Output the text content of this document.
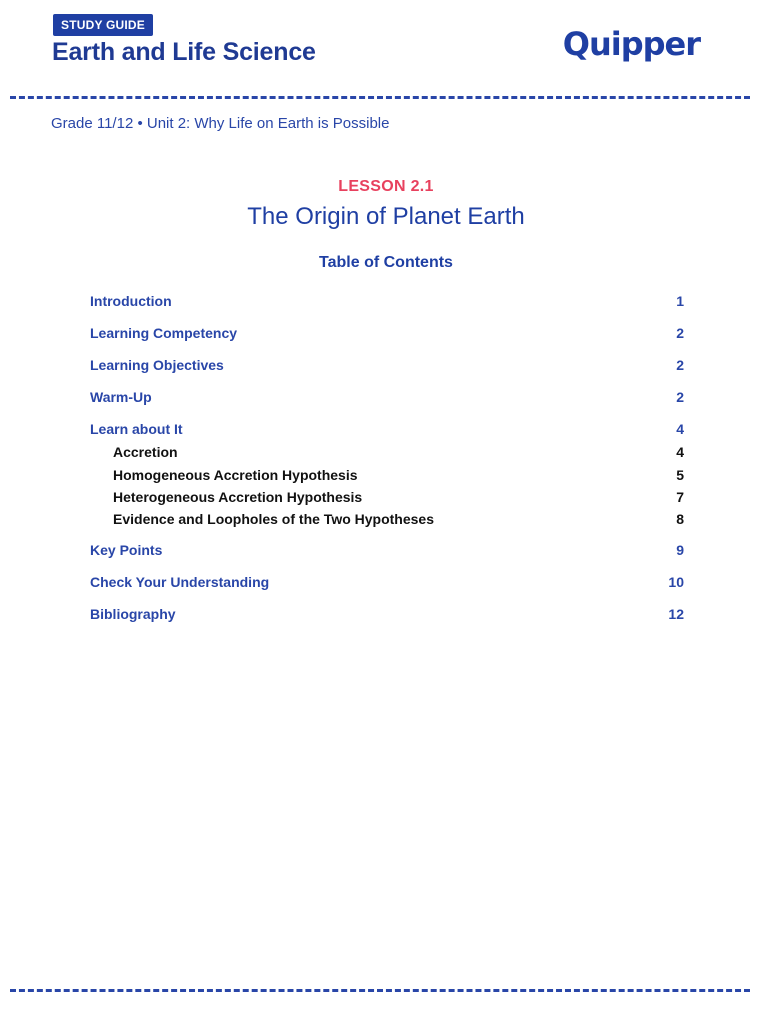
STUDY GUIDE
Earth and Life Science	Quipper
Grade 11/12 • Unit 2: Why Life on Earth is Possible
LESSON 2.1
The Origin of Planet Earth
Table of Contents
Introduction	1
Learning Competency	2
Learning Objectives	2
Warm-Up	2
Learn about It	4
Accretion	4
Homogeneous Accretion Hypothesis	5
Heterogeneous Accretion Hypothesis	7
Evidence and Loopholes of the Two Hypotheses	8
Key Points	9
Check Your Understanding	10
Bibliography	12
